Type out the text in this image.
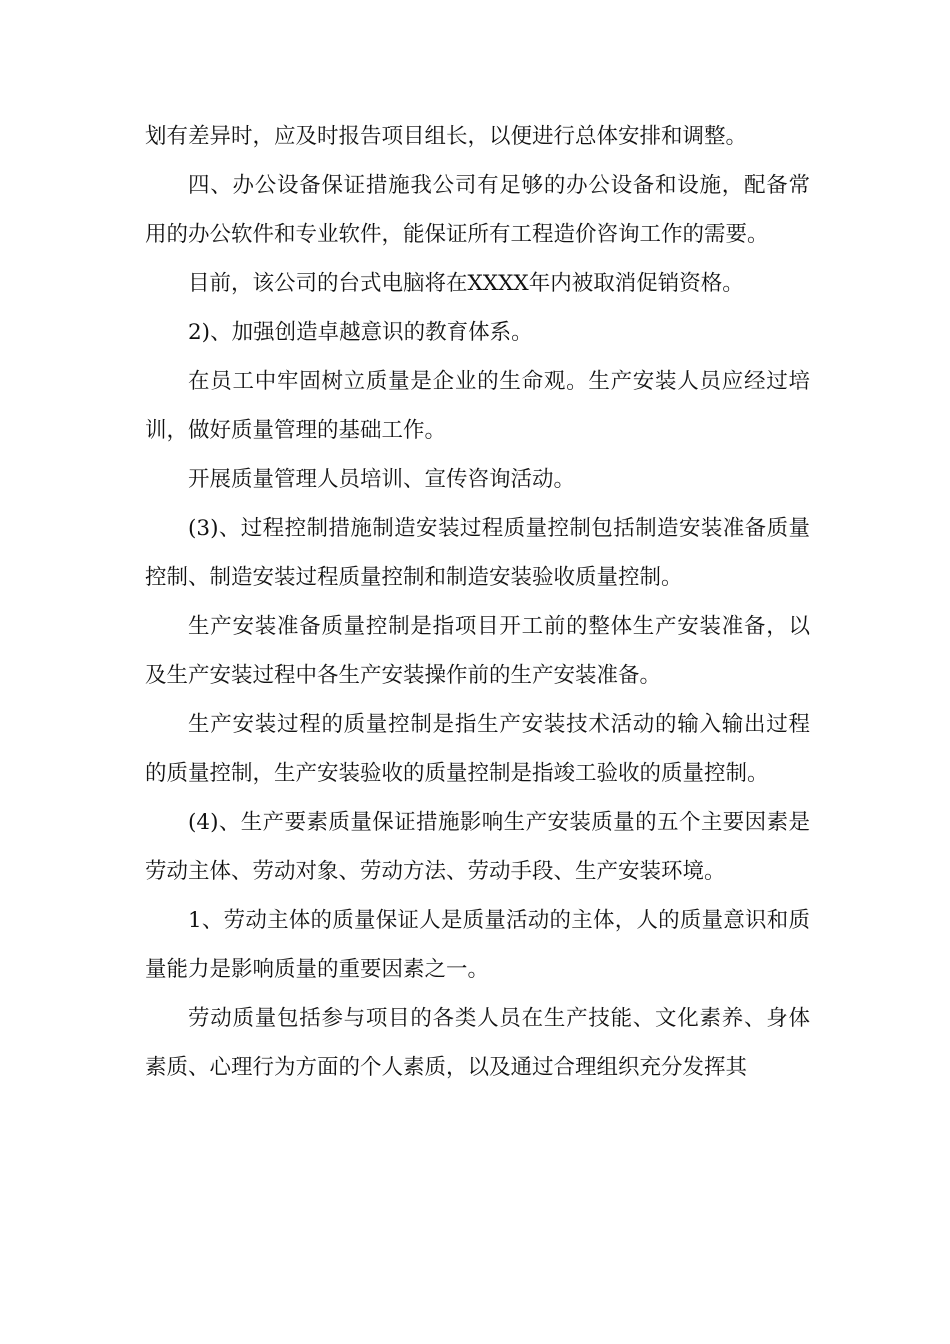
划有差异时，应及时报告项目组长，以便进行总体安排和调整。

四、办公设备保证措施我公司有足够的办公设备和设施，配备常用的办公软件和专业软件，能保证所有工程造价咨询工作的需要。

目前，该公司的台式电脑将在XXXX年内被取消促销资格。

2)、加强创造卓越意识的教育体系。

在员工中牢固树立质量是企业的生命观。生产安装人员应经过培训，做好质量管理的基础工作。

开展质量管理人员培训、宣传咨询活动。

(3)、过程控制措施制造安装过程质量控制包括制造安装准备质量控制、制造安装过程质量控制和制造安装验收质量控制。

生产安装准备质量控制是指项目开工前的整体生产安装准备，以及生产安装过程中各生产安装操作前的生产安装准备。

生产安装过程的质量控制是指生产安装技术活动的输入输出过程的质量控制，生产安装验收的质量控制是指竣工验收的质量控制。

(4)、生产要素质量保证措施影响生产安装质量的五个主要因素是劳动主体、劳动对象、劳动方法、劳动手段、生产安装环境。

1、劳动主体的质量保证人是质量活动的主体，人的质量意识和质量能力是影响质量的重要因素之一。

劳动质量包括参与项目的各类人员在生产技能、文化素养、身体素质、心理行为方面的个人素质，以及通过合理组织充分发挥其
